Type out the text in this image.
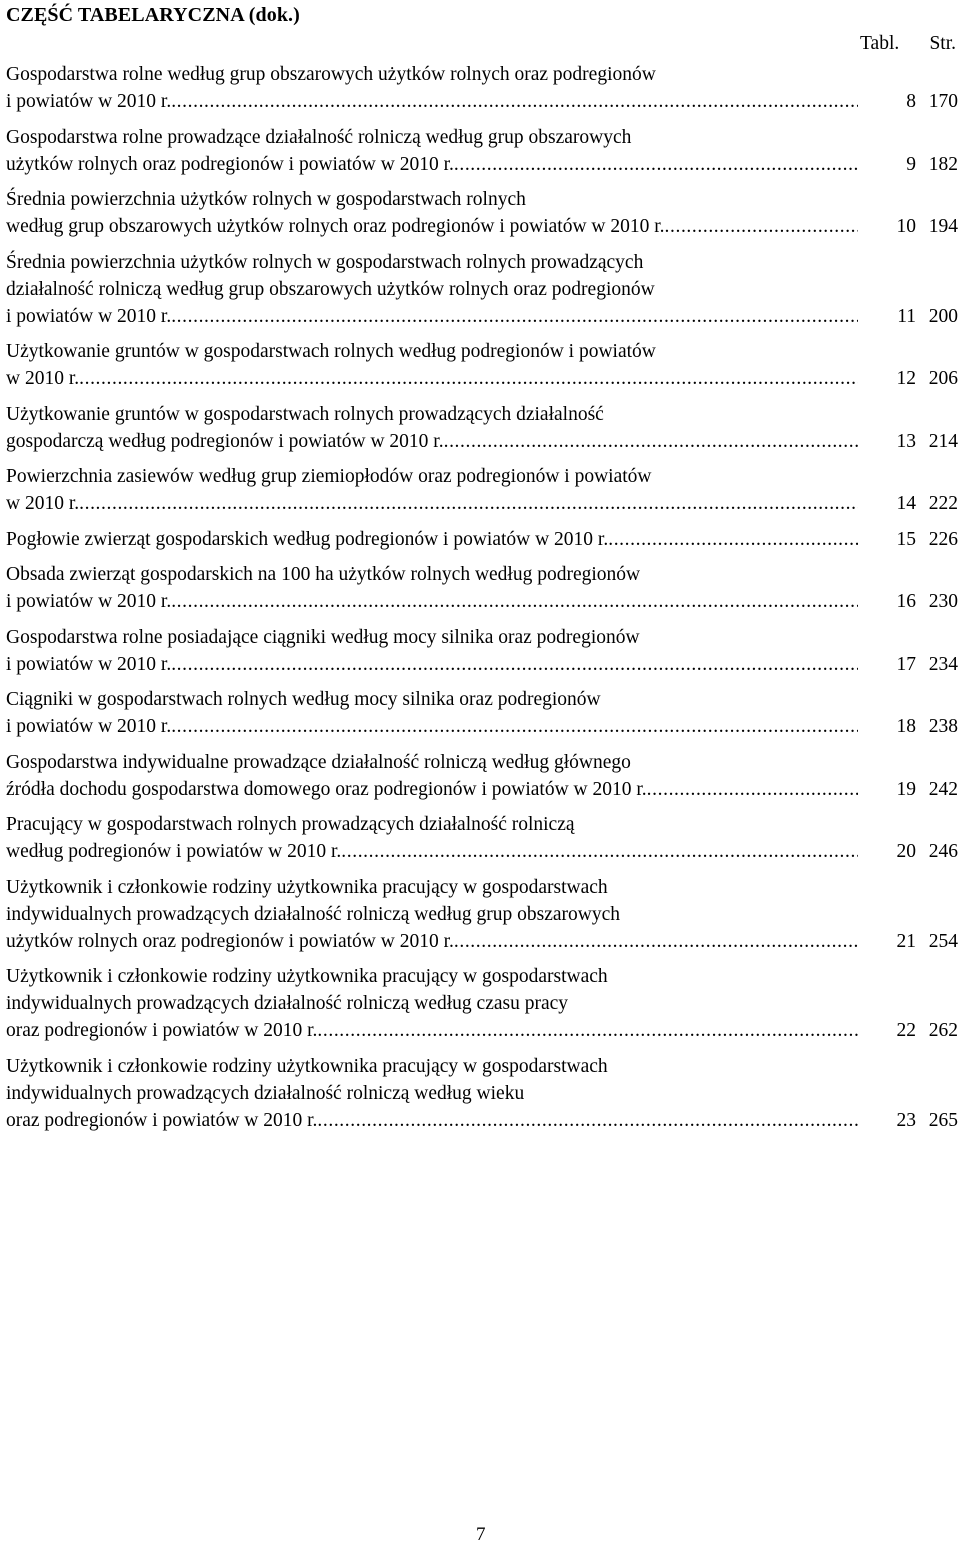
CZĘŚĆ TABELARYCZNA (dok.)
Tabl. Str.
Gospodarstwa rolne według grup obszarowych użytków rolnych oraz podregionów
i powiatów w 2010 r. .....	8 170
Gospodarstwa rolne prowadzące działalność rolniczą według grup obszarowych
użytków rolnych oraz podregionów i powiatów w 2010 r. .....	9 182
Średnia powierzchnia użytków rolnych w gospodarstwach rolnych
według grup obszarowych użytków rolnych oraz podregionów i powiatów w 2010 r. .....	10 194
Średnia powierzchnia użytków rolnych w gospodarstwach rolnych prowadzących
działalność rolniczą według grup obszarowych użytków rolnych oraz podregionów
i powiatów w 2010 r. .....	11 200
Użytkowanie gruntów w gospodarstwach rolnych według podregionów i powiatów
w 2010 r. .....	12 206
Użytkowanie gruntów w gospodarstwach rolnych prowadzących działalność
gospodarczą według podregionów i powiatów w 2010 r. .....	13 214
Powierzchnia zasiewów według grup ziemiopłodów oraz podregionów i powiatów
w 2010 r. .....	14 222
Pogłowie zwierząt gospodarskich według podregionów i powiatów w 2010 r. .....	15 226
Obsada zwierząt gospodarskich na 100 ha użytków rolnych według podregionów
i powiatów w 2010 r. .....	16 230
Gospodarstwa rolne posiadające ciągniki według mocy silnika oraz podregionów
i powiatów w 2010 r. .....	17 234
Ciągniki w gospodarstwach rolnych według mocy silnika oraz podregionów
i powiatów w 2010 r. .....	18 238
Gospodarstwa indywidualne prowadzące działalność rolniczą według głównego
źródła dochodu gospodarstwa domowego oraz podregionów i powiatów w 2010 r. .....	19 242
Pracujący w gospodarstwach rolnych prowadzących działalność rolniczą
według podregionów i powiatów w 2010 r. .....	20 246
Użytkownik i członkowie rodziny użytkownika pracujący w gospodarstwach
indywidualnych prowadzących działalność rolniczą według grup obszarowych
użytków rolnych oraz podregionów i powiatów w 2010 r. .....	21 254
Użytkownik i członkowie rodziny użytkownika pracujący w gospodarstwach
indywidualnych prowadzących działalność rolniczą według czasu pracy
oraz podregionów i powiatów w 2010 r. .....	22 262
Użytkownik i członkowie rodziny użytkownika pracujący w gospodarstwach
indywidualnych prowadzących działalność rolniczą według wieku
oraz podregionów i powiatów w 2010 r. .....	23 265
7
